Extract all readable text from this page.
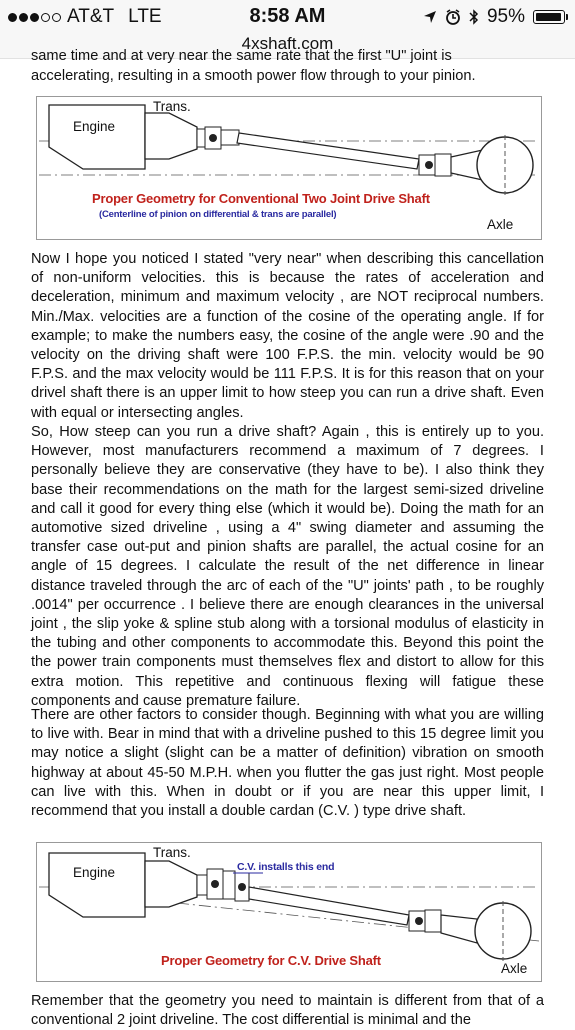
AT&T LTE	8:58 AM	95%
4xshaft.com

same time and at very near the same rate that the first "U" joint is

accelerating, resulting in a smooth power flow through to your pinion.

Engine
Trans.
Axle
Proper Geometry for Conventional Two Joint Drive Shaft
(Centerline of pinion on differential & trans are parallel)

Now I hope you noticed I stated "very near" when describing this cancellation of non-uniform velocities. this is because the rates of acceleration and deceleration, minimum and maximum velocity , are NOT reciprocal numbers. Min./Max. velocities are a function of the cosine of the operating angle. If for example; to make the numbers easy, the cosine of the angle were .90 and the velocity on the driving shaft were 100 F.P.S. the min. velocity would be 90 F.P.S. and the max velocity would be 111 F.P.S. It is for this reason that on your drivel shaft there is an upper limit to how steep you can run a drive shaft. Even with equal or intersecting angles.

So, How steep can you run a drive shaft? Again , this is entirely up to you. However, most manufacturers recommend a maximum of 7 degrees. I personally believe they are conservative (they have to be). I also think they base their recommendations on the math for the largest semi-sized driveline and call it good for every thing else (which it would be). Doing the math for an automotive sized driveline , using a 4" swing diameter and assuming the transfer case out-put and pinion shafts are parallel, the actual cosine for an angle of 15 degrees. I calculate the result of the net difference in linear distance traveled through the arc of each of the "U" joints' path , to be roughly .0014" per occurrence . I believe there are enough clearances in the universal joint , the slip yoke & spline stub along with a torsional modulus of elasticity in the tubing and other components to accommodate this. Beyond this point the the power train components must themselves flex and distort to allow for this extra motion. This repetitive and continuous flexing will fatigue these components and cause premature failure.

There are other factors to consider though. Beginning with what you are willing to live with. Bear in mind that with a driveline pushed to this 15 degree limit you may notice a slight (slight can be a matter of definition) vibration on smooth highway at about 45-50 M.P.H. when you flutter the gas just right. Most people can live with this. When in doubt or if you are near this upper limit, I recommend that you install a double cardan (C.V. ) type drive shaft.

Engine
Trans.
Axle
C.V. installs this end
Proper Geometry for C.V. Drive Shaft

Remember that the geometry you need to maintain is different from that of a conventional 2 joint driveline. The cost differential is minimal and the
